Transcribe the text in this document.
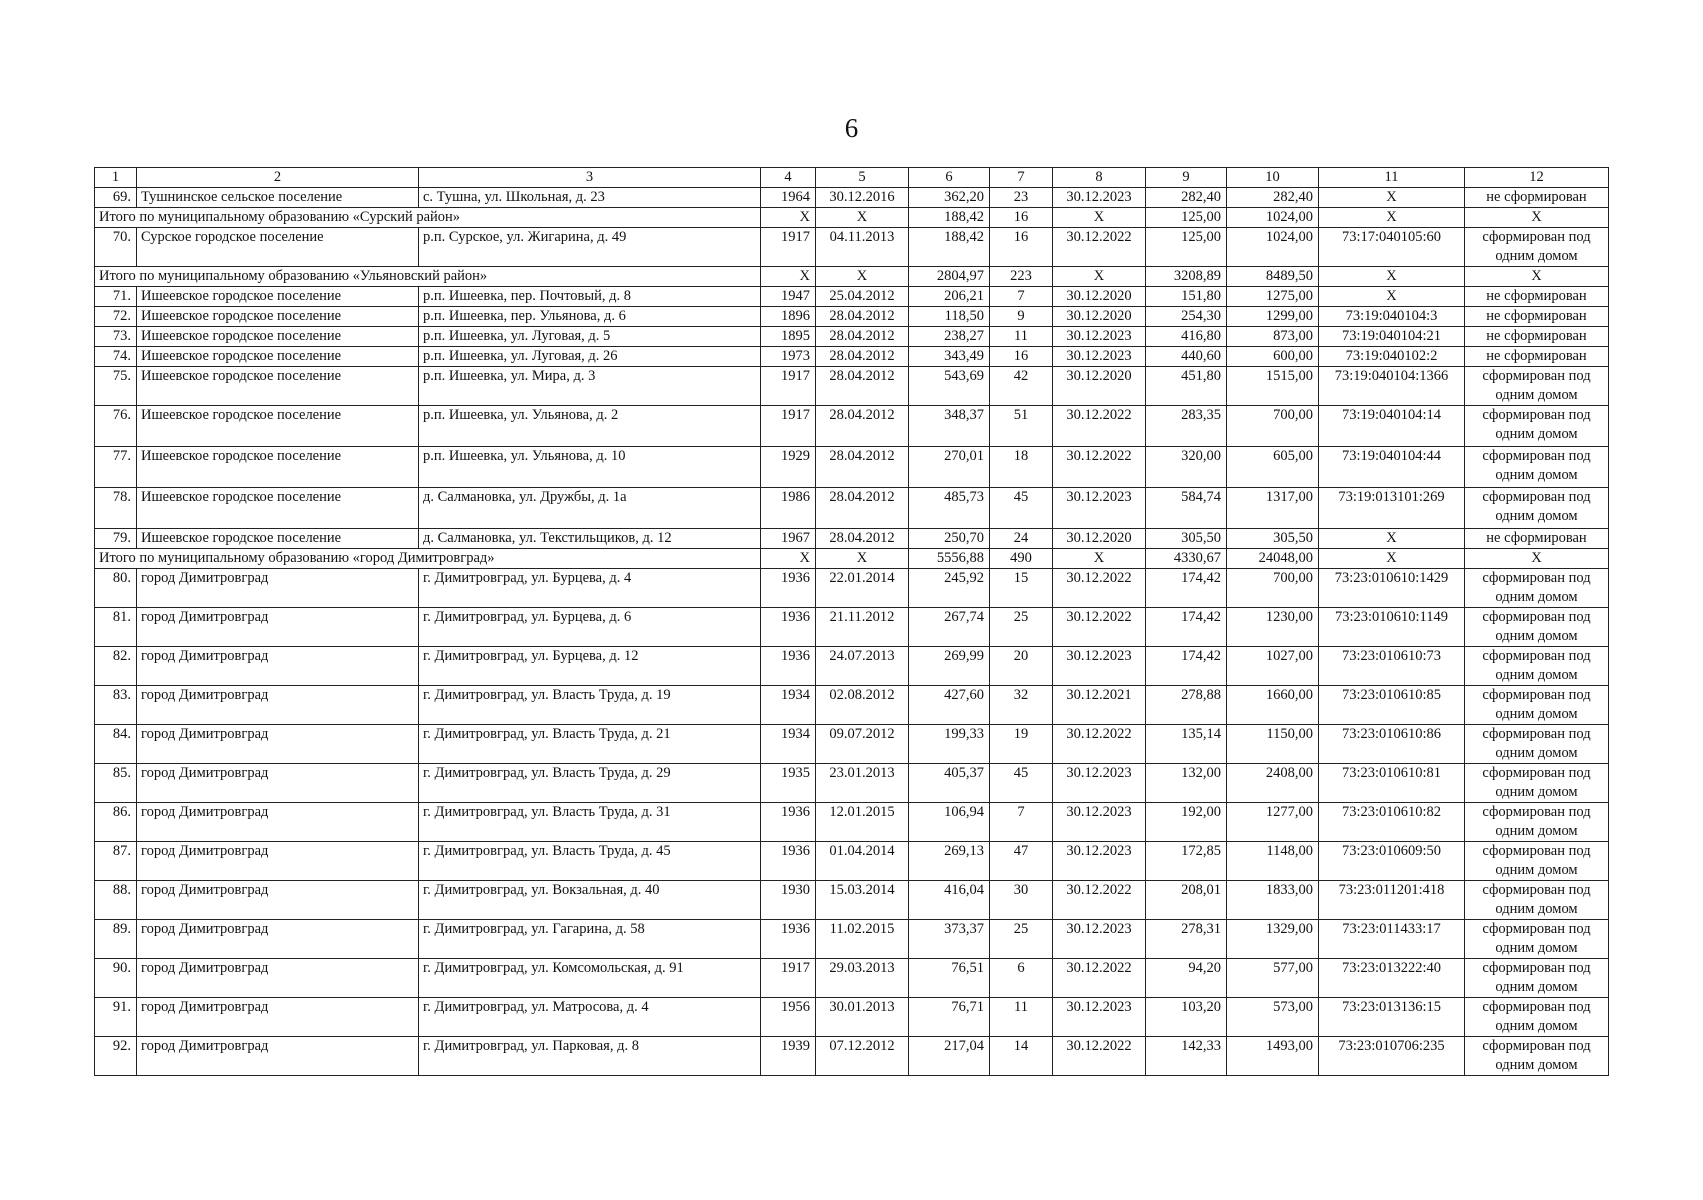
6
1	2	3	4	5	6	7	8	9	10	11	12
69.	Тушнинское сельское поселение	с. Тушна, ул. Школьная, д. 23	1964	30.12.2016	362,20	23	30.12.2023	282,40	282,40	X	не сформирован
Итого по муниципальному образованию «Сурский район»			X	X	188,42	16	X	125,00	1024,00	X	X
70.	Сурское городское поселение	р.п. Сурское, ул. Жигарина, д. 49	1917	04.11.2013	188,42	16	30.12.2022	125,00	1024,00	73:17:040105:60	сформирован под одним домом
Итого по муниципальному образованию «Ульяновский район»			X	X	2804,97	223	X	3208,89	8489,50	X	X
71.	Ишеевское городское поселение	р.п. Ишеевка, пер. Почтовый, д. 8	1947	25.04.2012	206,21	7	30.12.2020	151,80	1275,00	X	не сформирован
72.	Ишеевское городское поселение	р.п. Ишеевка, пер. Ульянова, д. 6	1896	28.04.2012	118,50	9	30.12.2020	254,30	1299,00	73:19:040104:3	не сформирован
73.	Ишеевское городское поселение	р.п. Ишеевка, ул. Луговая, д. 5	1895	28.04.2012	238,27	11	30.12.2023	416,80	873,00	73:19:040104:21	не сформирован
74.	Ишеевское городское поселение	р.п. Ишеевка, ул. Луговая, д. 26	1973	28.04.2012	343,49	16	30.12.2023	440,60	600,00	73:19:040102:2	не сформирован
75.	Ишеевское городское поселение	р.п. Ишеевка, ул. Мира, д. 3	1917	28.04.2012	543,69	42	30.12.2020	451,80	1515,00	73:19:040104:1366	сформирован под одним домом
76.	Ишеевское городское поселение	р.п. Ишеевка, ул. Ульянова, д. 2	1917	28.04.2012	348,37	51	30.12.2022	283,35	700,00	73:19:040104:14	сформирован под одним домом
77.	Ишеевское городское поселение	р.п. Ишеевка, ул. Ульянова, д. 10	1929	28.04.2012	270,01	18	30.12.2022	320,00	605,00	73:19:040104:44	сформирован под одним домом
78.	Ишеевское городское поселение	д. Салмановка, ул. Дружбы, д. 1а	1986	28.04.2012	485,73	45	30.12.2023	584,74	1317,00	73:19:013101:269	сформирован под одним домом
79.	Ишеевское городское поселение	д. Салмановка, ул. Текстильщиков, д. 12	1967	28.04.2012	250,70	24	30.12.2020	305,50	305,50	X	не сформирован
Итого по муниципальному образованию «город Димитровград»			X	X	5556,88	490	X	4330,67	24048,00	X	X
80.	город Димитровград	г. Димитровград, ул. Бурцева, д. 4	1936	22.01.2014	245,92	15	30.12.2022	174,42	700,00	73:23:010610:1429	сформирован под одним домом
81.	город Димитровград	г. Димитровград, ул. Бурцева, д. 6	1936	21.11.2012	267,74	25	30.12.2022	174,42	1230,00	73:23:010610:1149	сформирован под одним домом
82.	город Димитровград	г. Димитровград, ул. Бурцева, д. 12	1936	24.07.2013	269,99	20	30.12.2023	174,42	1027,00	73:23:010610:73	сформирован под одним домом
83.	город Димитровград	г. Димитровград, ул. Власть Труда, д. 19	1934	02.08.2012	427,60	32	30.12.2021	278,88	1660,00	73:23:010610:85	сформирован под одним домом
84.	город Димитровград	г. Димитровград, ул. Власть Труда, д. 21	1934	09.07.2012	199,33	19	30.12.2022	135,14	1150,00	73:23:010610:86	сформирован под одним домом
85.	город Димитровград	г. Димитровград, ул. Власть Труда, д. 29	1935	23.01.2013	405,37	45	30.12.2023	132,00	2408,00	73:23:010610:81	сформирован под одним домом
86.	город Димитровград	г. Димитровград, ул. Власть Труда, д. 31	1936	12.01.2015	106,94	7	30.12.2023	192,00	1277,00	73:23:010610:82	сформирован под одним домом
87.	город Димитровград	г. Димитровград, ул. Власть Труда, д. 45	1936	01.04.2014	269,13	47	30.12.2023	172,85	1148,00	73:23:010609:50	сформирован под одним домом
88.	город Димитровград	г. Димитровград, ул. Вокзальная, д. 40	1930	15.03.2014	416,04	30	30.12.2022	208,01	1833,00	73:23:011201:418	сформирован под одним домом
89.	город Димитровград	г. Димитровград, ул. Гагарина, д. 58	1936	11.02.2015	373,37	25	30.12.2023	278,31	1329,00	73:23:011433:17	сформирован под одним домом
90.	город Димитровград	г. Димитровград, ул. Комсомольская, д. 91	1917	29.03.2013	76,51	6	30.12.2022	94,20	577,00	73:23:013222:40	сформирован под одним домом
91.	город Димитровград	г. Димитровград, ул. Матросова, д. 4	1956	30.01.2013	76,71	11	30.12.2023	103,20	573,00	73:23:013136:15	сформирован под одним домом
92.	город Димитровград	г. Димитровград, ул. Парковая, д. 8	1939	07.12.2012	217,04	14	30.12.2022	142,33	1493,00	73:23:010706:235	сформирован под одним домом
